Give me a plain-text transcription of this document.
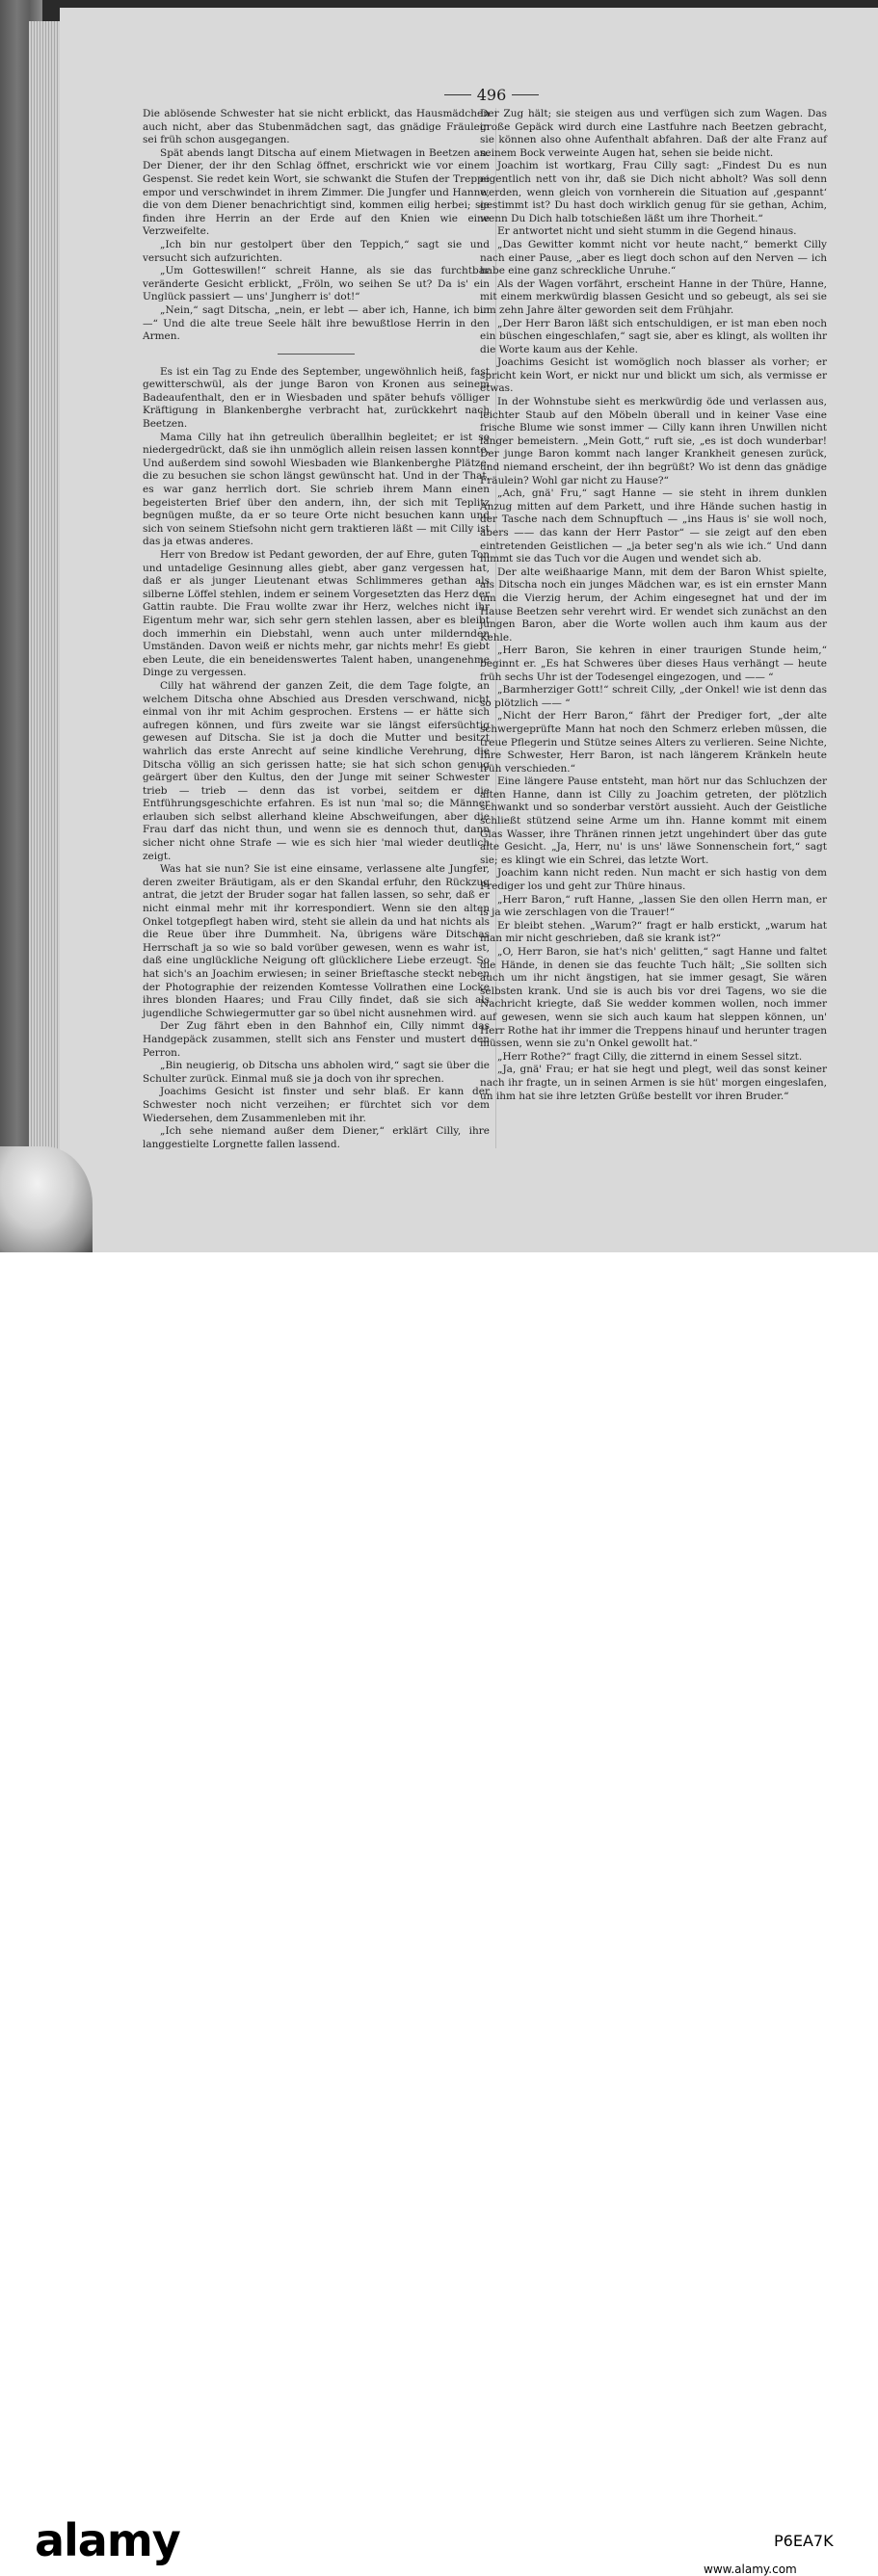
496

Die ablösende Schwester hat sie nicht erblickt, das Hausmädchen auch nicht, aber das Stubenmädchen sagt, das gnädige Fräulein sei früh schon ausgegangen.

Spät abends langt Ditscha auf einem Mietwagen in Beetzen an. Der Diener, der ihr den Schlag öffnet, erschrickt wie vor einem Gespenst. Sie redet kein Wort, sie schwankt die Stufen der Treppe empor und verschwindet in ihrem Zimmer. Die Jungfer und Hanne, die von dem Diener benachrichtigt sind, kommen eilig herbei; sie finden ihre Herrin an der Erde auf den Knien wie eine Verzweifelte.

„Ich bin nur gestolpert über den Teppich,“ sagt sie und versucht sich aufzurichten.

„Um Gotteswillen!“ schreit Hanne, als sie das furchtbar veränderte Gesicht erblickt, „Fröln, wo seihen Se ut? Da is' ein Unglück passiert — uns' Jungherr is' dot!“

„Nein,“ sagt Ditscha, „nein, er lebt — aber ich, Hanne, ich bin —“ Und die alte treue Seele hält ihre bewußtlose Herrin in den Armen.

Es ist ein Tag zu Ende des September, ungewöhnlich heiß, fast gewitterschwül, als der junge Baron von Kronen aus seinem Badeaufenthalt, den er in Wiesbaden und später behufs völliger Kräftigung in Blankenberghe verbracht hat, zurückkehrt nach Beetzen.

Mama Cilly hat ihn getreulich überallhin begleitet; er ist so niedergedrückt, daß sie ihn unmöglich allein reisen lassen konnte. Und außerdem sind sowohl Wiesbaden wie Blankenberghe Plätze, die zu besuchen sie schon längst gewünscht hat. Und in der That, es war ganz herrlich dort. Sie schrieb ihrem Mann einen begeisterten Brief über den andern, ihn, der sich mit Teplitz begnügen mußte, da er so teure Orte nicht besuchen kann und sich von seinem Stiefsohn nicht gern traktieren läßt — mit Cilly ist das ja etwas anderes.

Herr von Bredow ist Pedant geworden, der auf Ehre, guten Ton und untadelige Gesinnung alles giebt, aber ganz vergessen hat, daß er als junger Lieutenant etwas Schlimmeres gethan als silberne Löffel stehlen, indem er seinem Vorgesetzten das Herz der Gattin raubte. Die Frau wollte zwar ihr Herz, welches nicht ihr Eigentum mehr war, sich sehr gern stehlen lassen, aber es bleibt doch immerhin ein Diebstahl, wenn auch unter mildernden Umständen. Davon weiß er nichts mehr, gar nichts mehr! Es giebt eben Leute, die ein beneidenswertes Talent haben, unangenehme Dinge zu vergessen.

Cilly hat während der ganzen Zeit, die dem Tage folgte, an welchem Ditscha ohne Abschied aus Dresden verschwand, nicht einmal von ihr mit Achim gesprochen. Erstens — er hätte sich aufregen können, und fürs zweite war sie längst eifersüchtig gewesen auf Ditscha. Sie ist ja doch die Mutter und besitzt wahrlich das erste Anrecht auf seine kindliche Verehrung, die Ditscha völlig an sich gerissen hatte; sie hat sich schon genug geärgert über den Kultus, den der Junge mit seiner Schwester trieb — trieb — denn das ist vorbei, seitdem er die Entführungsgeschichte erfahren. Es ist nun 'mal so; die Männer erlauben sich selbst allerhand kleine Abschweifungen, aber die Frau darf das nicht thun, und wenn sie es dennoch thut, dann sicher nicht ohne Strafe — wie es sich hier 'mal wieder deutlich zeigt.

Was hat sie nun? Sie ist eine einsame, verlassene alte Jungfer, deren zweiter Bräutigam, als er den Skandal erfuhr, den Rückzug antrat, die jetzt der Bruder sogar hat fallen lassen, so sehr, daß er nicht einmal mehr mit ihr korrespondiert. Wenn sie den alten Onkel totgepflegt haben wird, steht sie allein da und hat nichts als die Reue über ihre Dummheit. Na, übrigens wäre Ditschas Herrschaft ja so wie so bald vorüber gewesen, wenn es wahr ist, daß eine unglückliche Neigung oft glücklichere Liebe erzeugt. So hat sich's an Joachim erwiesen; in seiner Brieftasche steckt neben der Photographie der reizenden Komtesse Vollrathen eine Locke ihres blonden Haares; und Frau Cilly findet, daß sie sich als jugendliche Schwiegermutter gar so übel nicht ausnehmen wird.

Der Zug fährt eben in den Bahnhof ein, Cilly nimmt das Handgepäck zusammen, stellt sich ans Fenster und mustert den Perron.

„Bin neugierig, ob Ditscha uns abholen wird,“ sagt sie über die Schulter zurück. Einmal muß sie ja doch von ihr sprechen.

Joachims Gesicht ist finster und sehr blaß. Er kann der Schwester noch nicht verzeihen; er fürchtet sich vor dem Wiedersehen, dem Zusammenleben mit ihr.

„Ich sehe niemand außer dem Diener,“ erklärt Cilly, ihre langgestielte Lorgnette fallen lassend.

Der Zug hält; sie steigen aus und verfügen sich zum Wagen. Das große Gepäck wird durch eine Lastfuhre nach Beetzen gebracht, sie können also ohne Aufenthalt abfahren. Daß der alte Franz auf seinem Bock verweinte Augen hat, sehen sie beide nicht.

Joachim ist wortkarg, Frau Cilly sagt: „Findest Du es nun eigentlich nett von ihr, daß sie Dich nicht abholt? Was soll denn werden, wenn gleich von vornherein die Situation auf ‚gespannt‘ gestimmt ist? Du hast doch wirklich genug für sie gethan, Achim, wenn Du Dich halb totschießen läßt um ihre Thorheit.“

Er antwortet nicht und sieht stumm in die Gegend hinaus.

„Das Gewitter kommt nicht vor heute nacht,“ bemerkt Cilly nach einer Pause, „aber es liegt doch schon auf den Nerven — ich habe eine ganz schreckliche Unruhe.“

Als der Wagen vorfährt, erscheint Hanne in der Thüre, Hanne, mit einem merkwürdig blassen Gesicht und so gebeugt, als sei sie um zehn Jahre älter geworden seit dem Frühjahr.

„Der Herr Baron läßt sich entschuldigen, er ist man eben noch ein büschen eingeschlafen,“ sagt sie, aber es klingt, als wollten ihr die Worte kaum aus der Kehle.

Joachims Gesicht ist womöglich noch blasser als vorher; er spricht kein Wort, er nickt nur und blickt um sich, als vermisse er etwas.

In der Wohnstube sieht es merkwürdig öde und verlassen aus, leichter Staub auf den Möbeln überall und in keiner Vase eine frische Blume wie sonst immer — Cilly kann ihren Unwillen nicht länger bemeistern. „Mein Gott,“ ruft sie, „es ist doch wunderbar! Der junge Baron kommt nach langer Krankheit genesen zurück, und niemand erscheint, der ihn begrüßt? Wo ist denn das gnädige Fräulein? Wohl gar nicht zu Hause?“

„Ach, gnä' Fru,“ sagt Hanne — sie steht in ihrem dunklen Anzug mitten auf dem Parkett, und ihre Hände suchen hastig in der Tasche nach dem Schnupftuch — „ins Haus is' sie woll noch, abers —— das kann der Herr Pastor“ — sie zeigt auf den eben eintretenden Geistlichen — „ja beter seg'n als wie ich.“ Und dann nimmt sie das Tuch vor die Augen und wendet sich ab.

Der alte weißhaarige Mann, mit dem der Baron Whist spielte, als Ditscha noch ein junges Mädchen war, es ist ein ernster Mann um die Vierzig herum, der Achim eingesegnet hat und der im Hause Beetzen sehr verehrt wird. Er wendet sich zunächst an den jungen Baron, aber die Worte wollen auch ihm kaum aus der Kehle.

„Herr Baron, Sie kehren in einer traurigen Stunde heim,“ beginnt er. „Es hat Schweres über dieses Haus verhängt — heute früh sechs Uhr ist der Todesengel eingezogen, und —— “

„Barmherziger Gott!“ schreit Cilly, „der Onkel! wie ist denn das so plötzlich —— “

„Nicht der Herr Baron,“ fährt der Prediger fort, „der alte schwergeprüfte Mann hat noch den Schmerz erleben müssen, die treue Pflegerin und Stütze seines Alters zu verlieren. Seine Nichte, Ihre Schwester, Herr Baron, ist nach längerem Kränkeln heute früh verschieden.“

Eine längere Pause entsteht, man hört nur das Schluchzen der alten Hanne, dann ist Cilly zu Joachim getreten, der plötzlich schwankt und so sonderbar verstört aussieht. Auch der Geistliche schließt stützend seine Arme um ihn. Hanne kommt mit einem Glas Wasser, ihre Thränen rinnen jetzt ungehindert über das gute alte Gesicht. „Ja, Herr, nu' is uns' läwe Sonnenschein fort,“ sagt sie; es klingt wie ein Schrei, das letzte Wort.

Joachim kann nicht reden. Nun macht er sich hastig von dem Prediger los und geht zur Thüre hinaus.

„Herr Baron,“ ruft Hanne, „lassen Sie den ollen Herrn man, er is ja wie zerschlagen von die Trauer!“

Er bleibt stehen. „Warum?“ fragt er halb erstickt, „warum hat man mir nicht geschrieben, daß sie krank ist?“

„O, Herr Baron, sie hat's nich' gelitten,“ sagt Hanne und faltet die Hände, in denen sie das feuchte Tuch hält; „Sie sollten sich auch um ihr nicht ängstigen, hat sie immer gesagt, Sie wären selbsten krank. Und sie is auch bis vor drei Tagens, wo sie die Nachricht kriegte, daß Sie wedder kommen wollen, noch immer auf gewesen, wenn sie sich auch kaum hat sleppen können, un' Herr Rothe hat ihr immer die Treppens hinauf und herunter tragen müssen, wenn sie zu'n Onkel gewollt hat.“

„Herr Rothe?“ fragt Cilly, die zitternd in einem Sessel sitzt.

„Ja, gnä' Frau; er hat sie hegt und plegt, weil das sonst keiner nach ihr fragte, un in seinen Armen is sie hüt' morgen eingeslafen, un ihm hat sie ihre letzten Grüße bestellt vor ihren Bruder.“

alamy	P6EA7K
www.alamy.com
